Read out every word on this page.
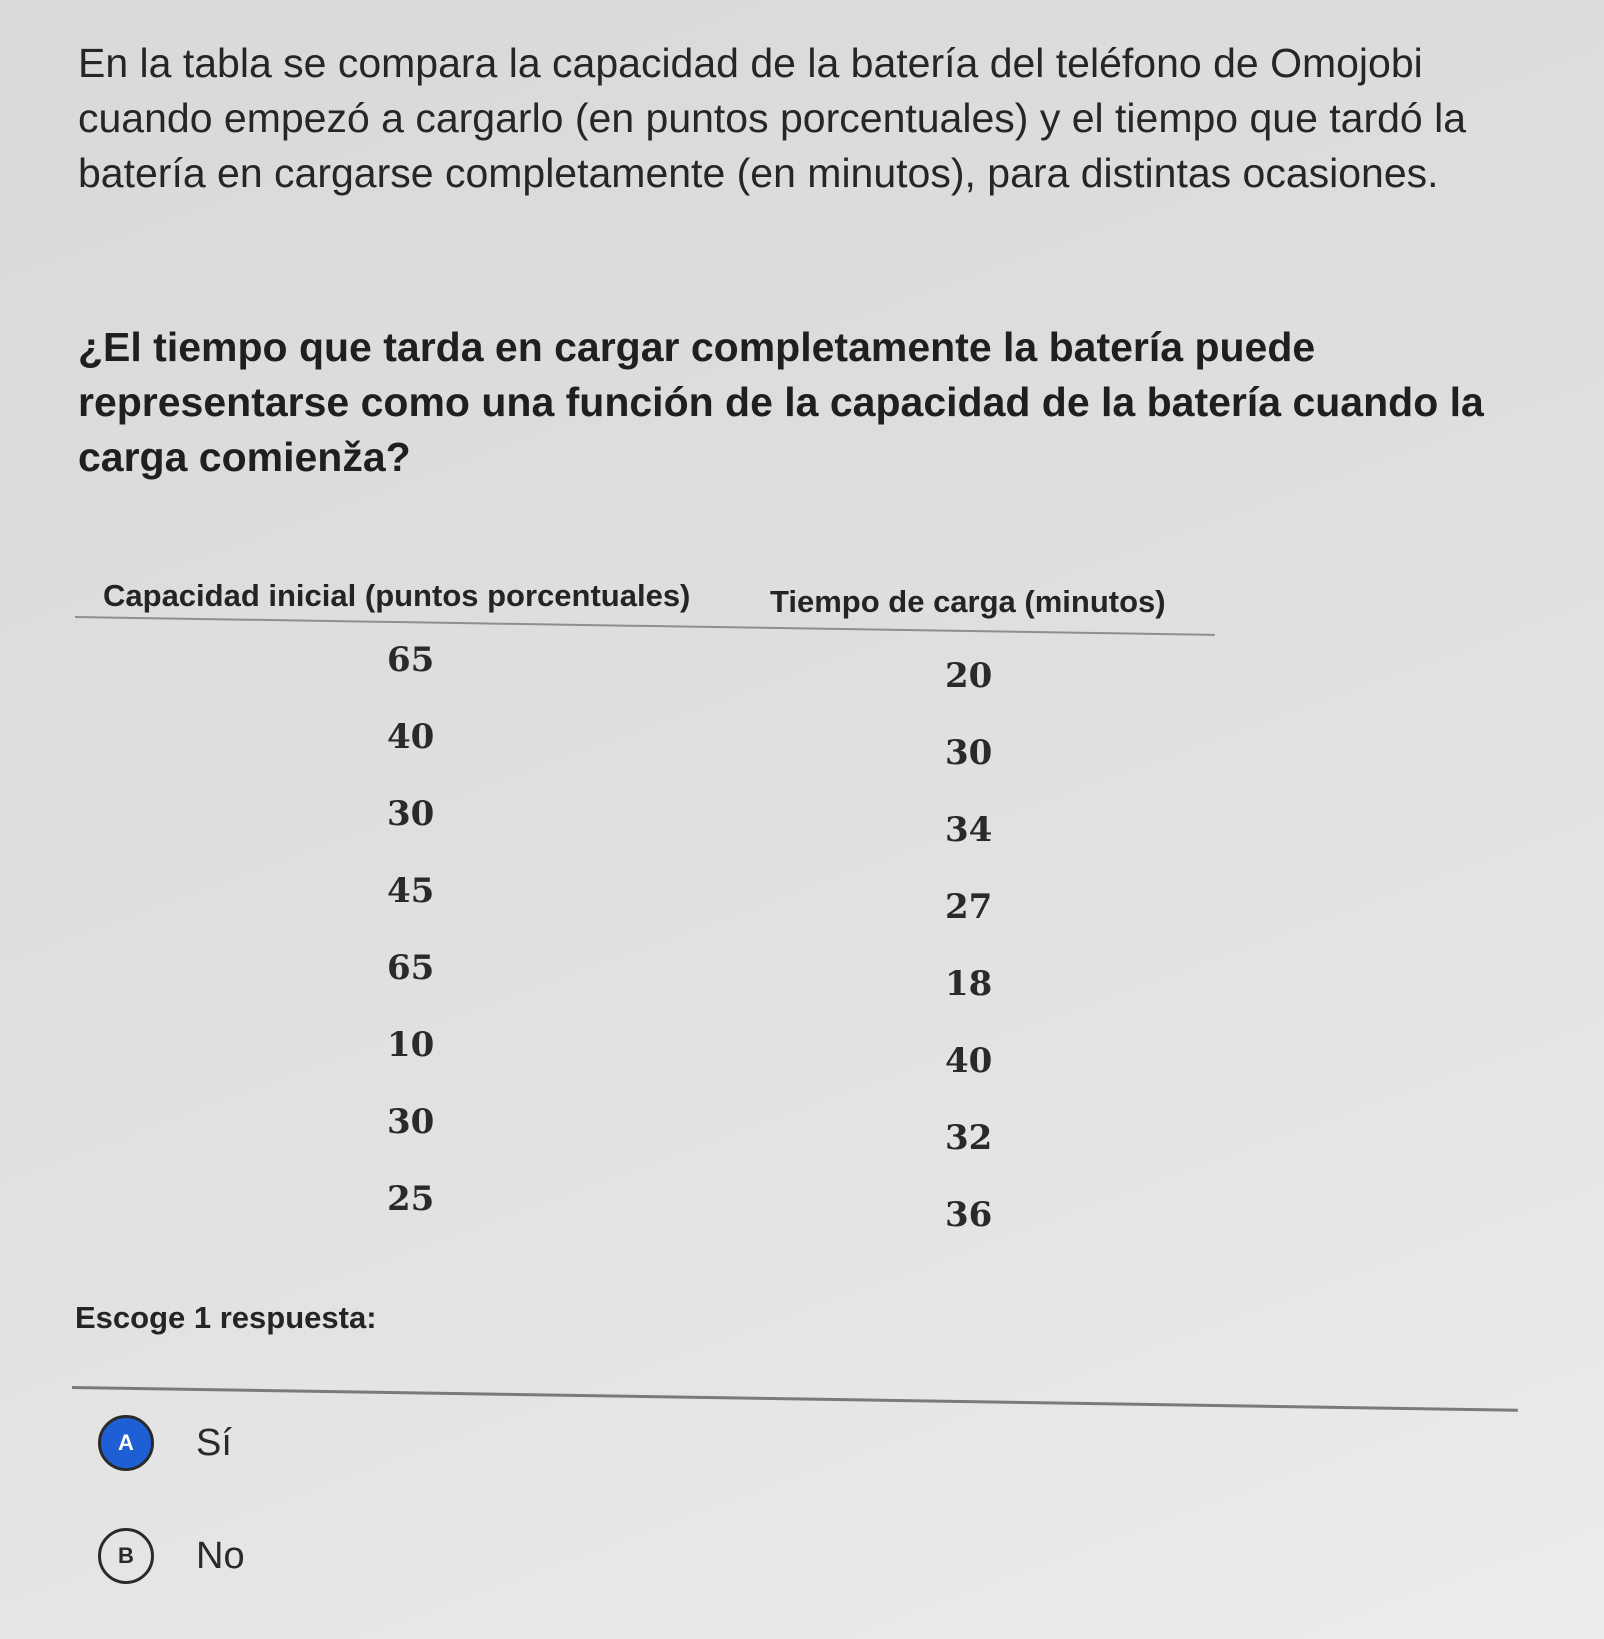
En la tabla se compara la capacidad de la batería del teléfono de Omojobi cuando empezó a cargarlo (en puntos porcentuales) y el tiempo que tardó la batería en cargarse completamente (en minutos), para distintas ocasiones.

¿El tiempo que tarda en cargar completamente la batería puede representarse como una función de la capacidad de la batería cuando la carga comienža?

Capacidad inicial (puntos porcentuales)	Tiempo de carga (minutos)
65	20
40	30
30	34
45	27
65	18
10	40
30	32
25	36

Escoge 1 respuesta:

A	Sí
B	No
